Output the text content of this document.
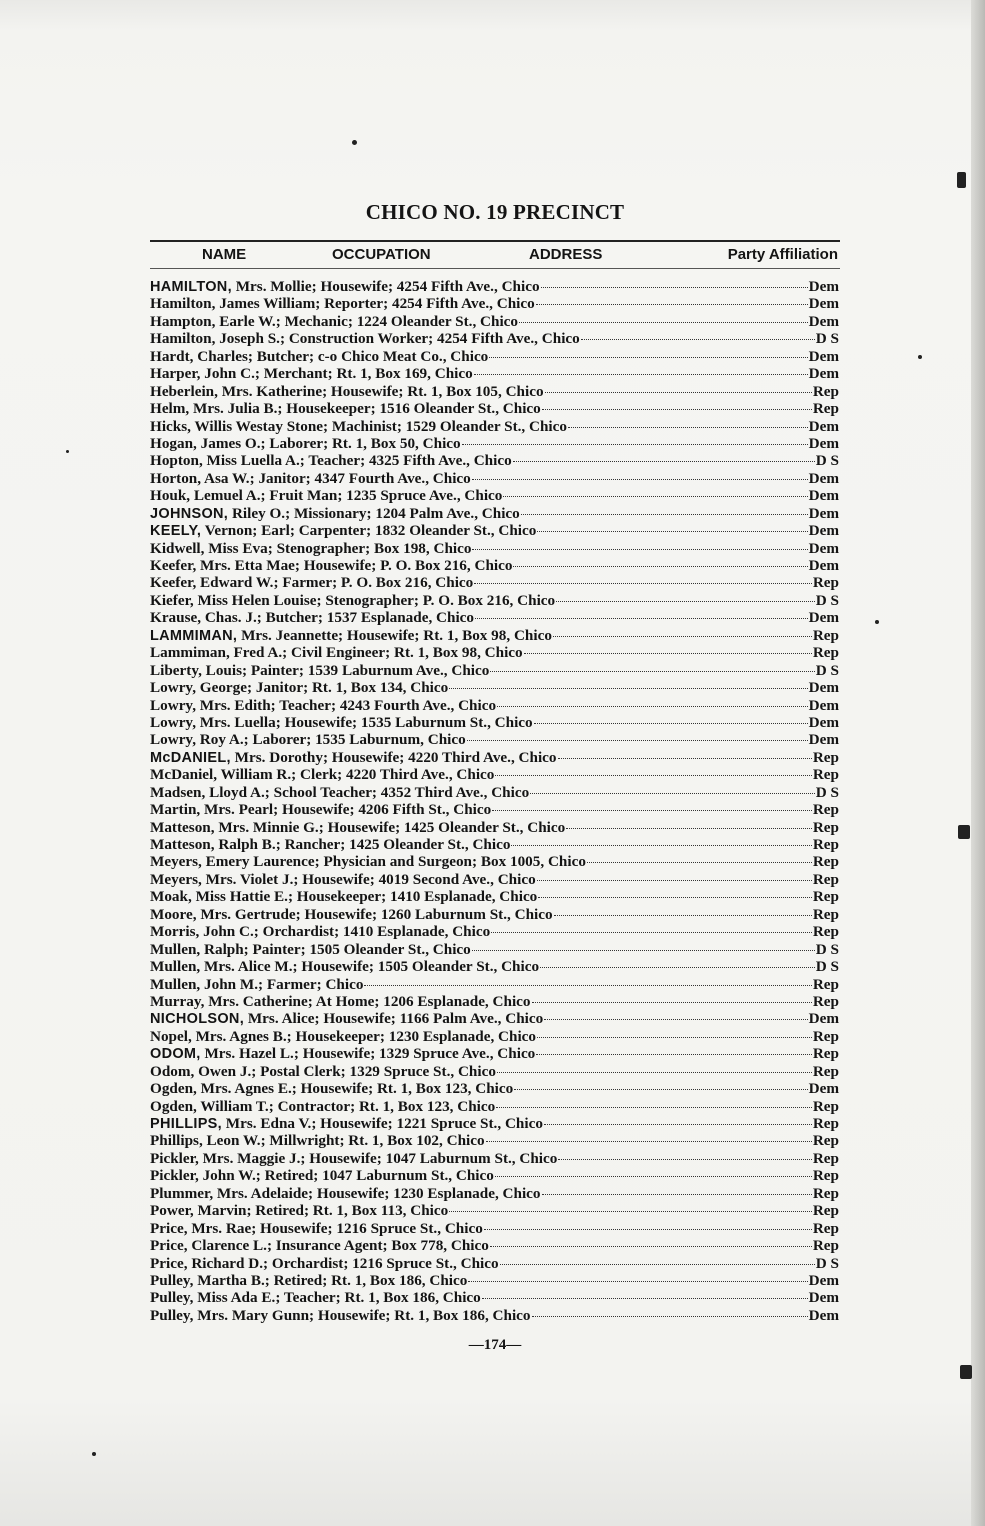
CHICO NO. 19 PRECINCT
NAME	OCCUPATION	ADDRESS	Party Affiliation
HAMILTON, Mrs. Mollie; Housewife; 4254 Fifth Ave., Chico	Dem
Hamilton, James William; Reporter; 4254 Fifth Ave., Chico	Dem
Hampton, Earle W.; Mechanic; 1224 Oleander St., Chico	Dem
Hamilton, Joseph S.; Construction Worker; 4254 Fifth Ave., Chico	D S
Hardt, Charles; Butcher; c-o Chico Meat Co., Chico	Dem
Harper, John C.; Merchant; Rt. 1, Box 169, Chico	Dem
Heberlein, Mrs. Katherine; Housewife; Rt. 1, Box 105, Chico	Rep
Helm, Mrs. Julia B.; Housekeeper; 1516 Oleander St., Chico	Rep
Hicks, Willis Westay Stone; Machinist; 1529 Oleander St., Chico	Dem
Hogan, James O.; Laborer; Rt. 1, Box 50, Chico	Dem
Hopton, Miss Luella A.; Teacher; 4325 Fifth Ave., Chico	D S
Horton, Asa W.; Janitor; 4347 Fourth Ave., Chico	Dem
Houk, Lemuel A.; Fruit Man; 1235 Spruce Ave., Chico	Dem
JOHNSON, Riley O.; Missionary; 1204 Palm Ave., Chico	Dem
KEELY, Vernon; Earl; Carpenter; 1832 Oleander St., Chico	Dem
Kidwell, Miss Eva; Stenographer; Box 198, Chico	Dem
Keefer, Mrs. Etta Mae; Housewife; P. O. Box 216, Chico	Dem
Keefer, Edward W.; Farmer; P. O. Box 216, Chico	Rep
Kiefer, Miss Helen Louise; Stenographer; P. O. Box 216, Chico	D S
Krause, Chas. J.; Butcher; 1537 Esplanade, Chico	Dem
LAMMIMAN, Mrs. Jeannette; Housewife; Rt. 1, Box 98, Chico	Rep
Lammiman, Fred A.; Civil Engineer; Rt. 1, Box 98, Chico	Rep
Liberty, Louis; Painter; 1539 Laburnum Ave., Chico	D S
Lowry, George; Janitor; Rt. 1, Box 134, Chico	Dem
Lowry, Mrs. Edith; Teacher; 4243 Fourth Ave., Chico	Dem
Lowry, Mrs. Luella; Housewife; 1535 Laburnum St., Chico	Dem
Lowry, Roy A.; Laborer; 1535 Laburnum, Chico	Dem
McDANIEL, Mrs. Dorothy; Housewife; 4220 Third Ave., Chico	Rep
McDaniel, William R.; Clerk; 4220 Third Ave., Chico	Rep
Madsen, Lloyd A.; School Teacher; 4352 Third Ave., Chico	D S
Martin, Mrs. Pearl; Housewife; 4206 Fifth St., Chico	Rep
Matteson, Mrs. Minnie G.; Housewife; 1425 Oleander St., Chico	Rep
Matteson, Ralph B.; Rancher; 1425 Oleander St., Chico	Rep
Meyers, Emery Laurence; Physician and Surgeon; Box 1005, Chico	Rep
Meyers, Mrs. Violet J.; Housewife; 4019 Second Ave., Chico	Rep
Moak, Miss Hattie E.; Housekeeper; 1410 Esplanade, Chico	Rep
Moore, Mrs. Gertrude; Housewife; 1260 Laburnum St., Chico	Rep
Morris, John C.; Orchardist; 1410 Esplanade, Chico	Rep
Mullen, Ralph; Painter; 1505 Oleander St., Chico	D S
Mullen, Mrs. Alice M.; Housewife; 1505 Oleander St., Chico	D S
Mullen, John M.; Farmer; Chico	Rep
Murray, Mrs. Catherine; At Home; 1206 Esplanade, Chico	Rep
NICHOLSON, Mrs. Alice; Housewife; 1166 Palm Ave., Chico	Dem
Nopel, Mrs. Agnes B.; Housekeeper; 1230 Esplanade, Chico	Rep
ODOM, Mrs. Hazel L.; Housewife; 1329 Spruce Ave., Chico	Rep
Odom, Owen J.; Postal Clerk; 1329 Spruce St., Chico	Rep
Ogden, Mrs. Agnes E.; Housewife; Rt. 1, Box 123, Chico	Dem
Ogden, William T.; Contractor; Rt. 1, Box 123, Chico	Rep
PHILLIPS, Mrs. Edna V.; Housewife; 1221 Spruce St., Chico	Rep
Phillips, Leon W.; Millwright; Rt. 1, Box 102, Chico	Rep
Pickler, Mrs. Maggie J.; Housewife; 1047 Laburnum St., Chico	Rep
Pickler, John W.; Retired; 1047 Laburnum St., Chico	Rep
Plummer, Mrs. Adelaide; Housewife; 1230 Esplanade, Chico	Rep
Power, Marvin; Retired; Rt. 1, Box 113, Chico	Rep
Price, Mrs. Rae; Housewife; 1216 Spruce St., Chico	Rep
Price, Clarence L.; Insurance Agent; Box 778, Chico	Rep
Price, Richard D.; Orchardist; 1216 Spruce St., Chico	D S
Pulley, Martha B.; Retired; Rt. 1, Box 186, Chico	Dem
Pulley, Miss Ada E.; Teacher; Rt. 1, Box 186, Chico	Dem
Pulley, Mrs. Mary Gunn; Housewife; Rt. 1, Box 186, Chico	Dem
—174—
